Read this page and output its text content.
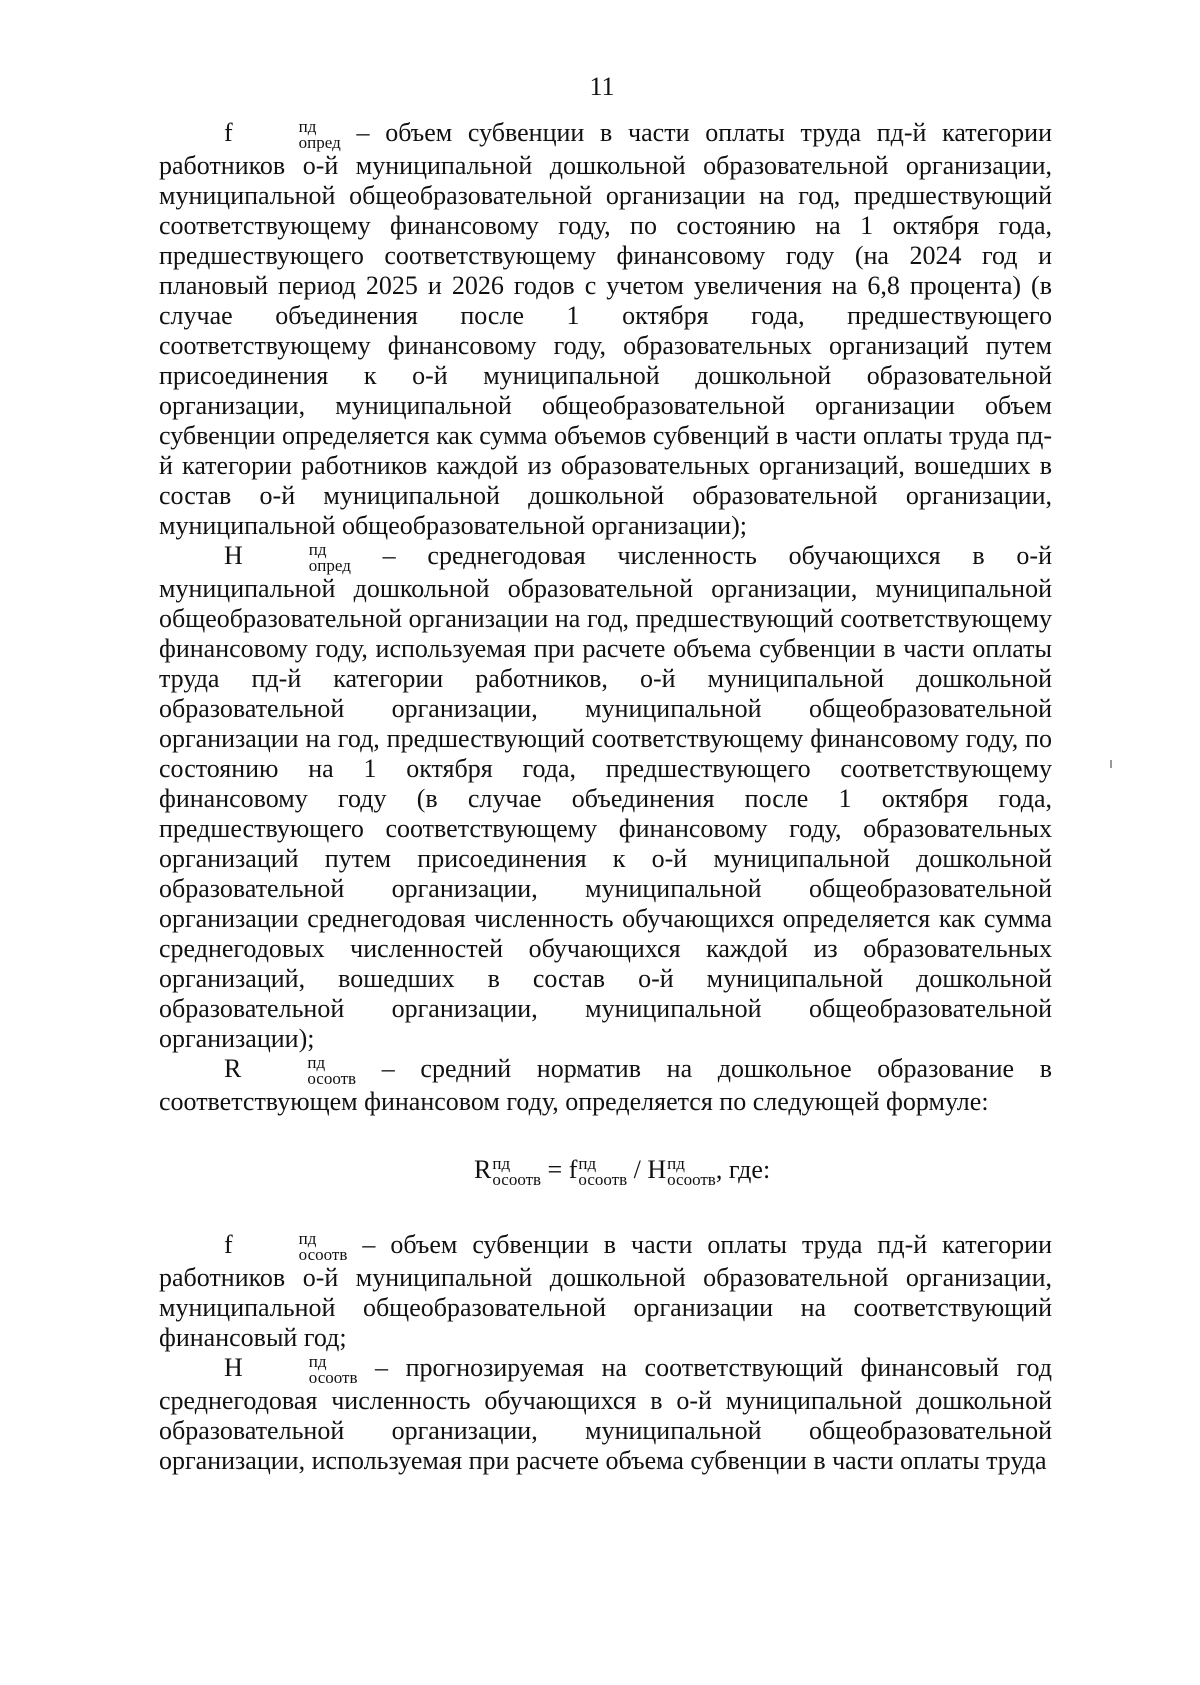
11

f	пд
опред – объем субвенции в части оплаты труда пд-й категории работников о-й муниципальной дошкольной образовательной организации, муниципальной общеобразовательной организации на год, предшествующий соответствующему финансовому году, по состоянию на 1 октября года, предшествующего соответствующему финансовому году (на 2024 год и плановый период 2025 и 2026 годов с учетом увеличения на 6,8 процента) (в случае объединения после 1 октября года, предшествующего соответствующему финансовому году, образовательных организаций путем присоединения к о-й муниципальной дошкольной образовательной организации, муниципальной общеобразовательной организации объем субвенции определяется как сумма объемов субвенций в части оплаты труда пд-й категории работников каждой из образовательных организаций, вошедших в состав о-й муниципальной дошкольной образовательной организации, муниципальной общеобразовательной организации);

Н	пд
опред – среднегодовая численность обучающихся в о-й муниципальной дошкольной образовательной организации, муниципальной общеобразовательной организации на год, предшествующий соответствующему финансовому году, используемая при расчете объема субвенции в части оплаты труда пд-й категории работников, о-й муниципальной дошкольной образовательной организации, муниципальной общеобразовательной организации на год, предшествующий соответствующему финансовому году, по состоянию на 1 октября года, предшествующего соответствующему финансовому году (в случае объединения после 1 октября года, предшествующего соответствующему финансовому году, образовательных организаций путем присоединения к о-й муниципальной дошкольной образовательной организации, муниципальной общеобразовательной организации среднегодовая численность обучающихся определяется как сумма среднегодовых численностей обучающихся каждой из образовательных организаций, вошедших в состав о-й муниципальной дошкольной образовательной организации, муниципальной общеобразовательной организации);

R	пд
осоотв – средний норматив на дошкольное образование в соответствующем финансовом году, определяется по следующей формуле:

R пд
осоотв = f пд
осоотв / Н пд
осоотв , где:

f	пд
осоотв – объем субвенции в части оплаты труда пд-й категории работников о-й муниципальной дошкольной образовательной организации, муниципальной общеобразовательной организации на соответствующий финансовый год;

Н	пд
осоотв – прогнозируемая на соответствующий финансовый год среднегодовая численность обучающихся в о-й муниципальной дошкольной образовательной организации, муниципальной общеобразовательной организации, используемая при расчете объема субвенции в части оплаты труда
